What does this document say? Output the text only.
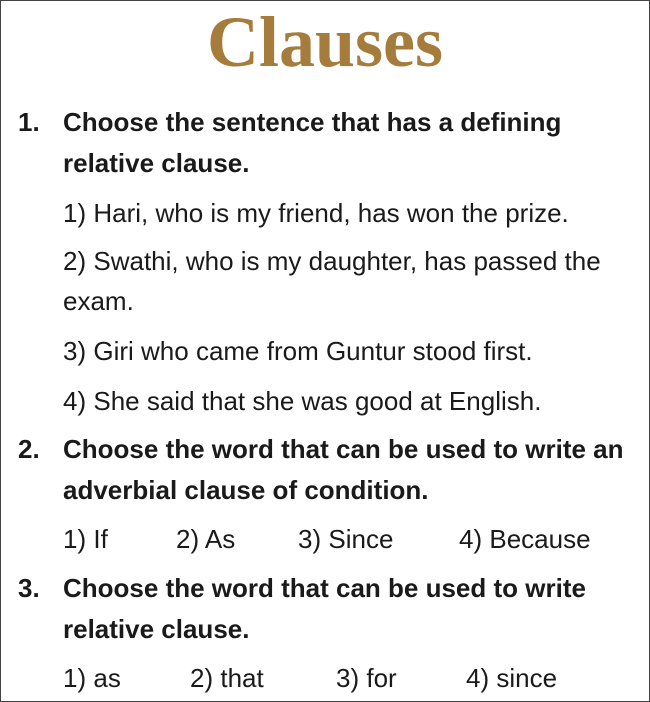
Clauses
1. Choose the sentence that has a defining relative clause.
1) Hari, who is my friend, has won the prize.
2) Swathi, who is my daughter, has passed the exam.
3) Giri who came from Guntur stood first.
4) She said that she was good at English.
2. Choose the word that can be used to write an adverbial clause of condition.
1) If	2) As 3) Since	4) Because
3. Choose the word that can be used to write relative clause.
1) as	2) that	3) for	4) since
